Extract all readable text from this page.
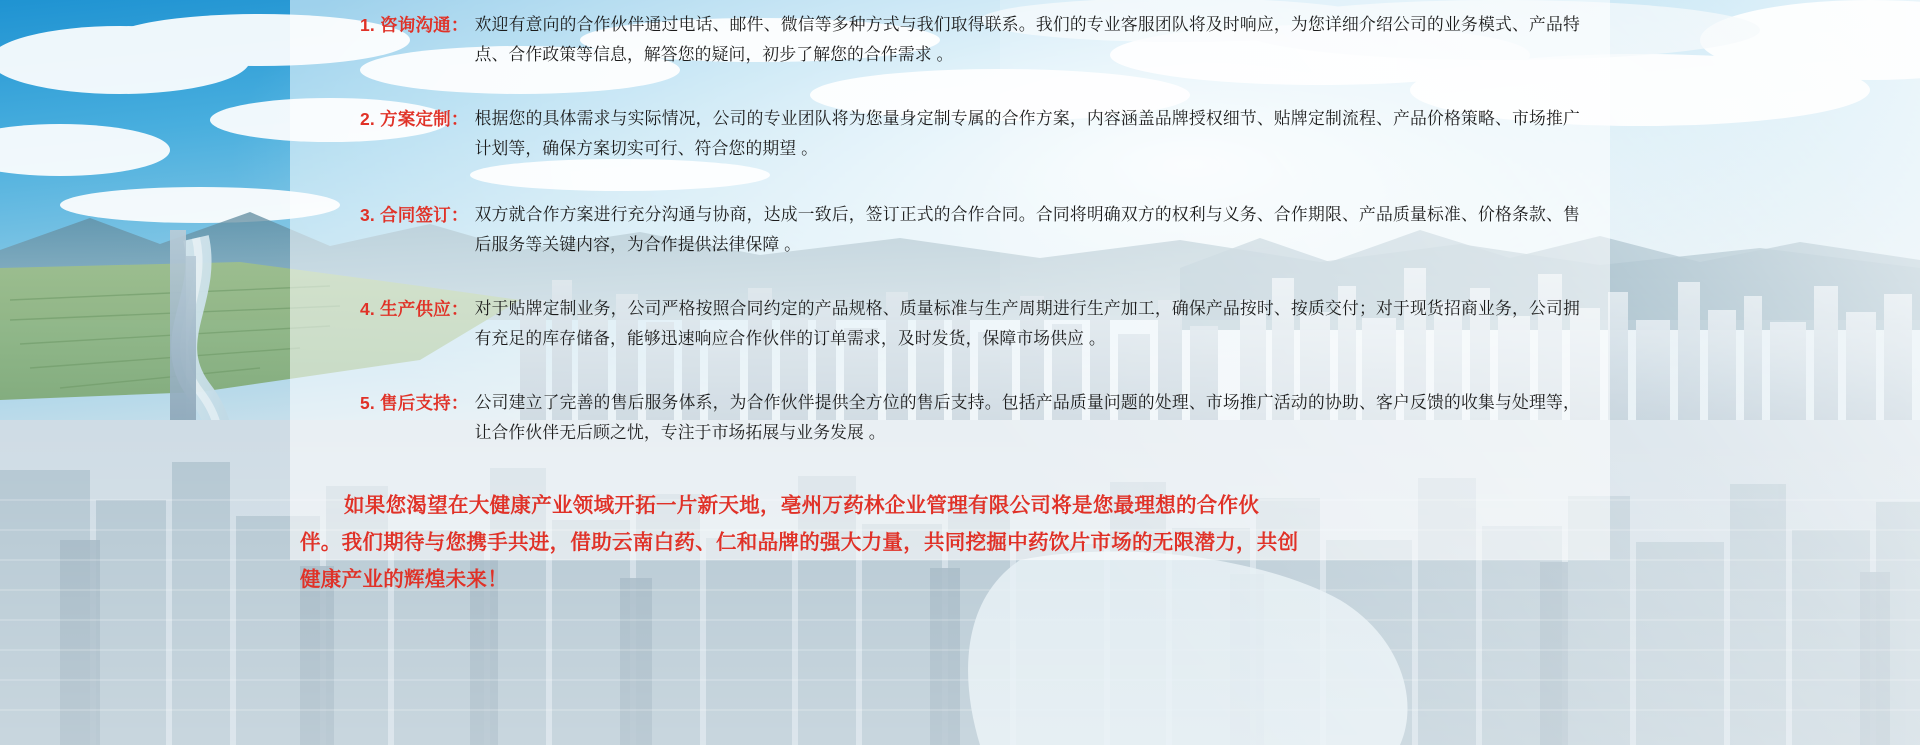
1. 咨询沟通： 欢迎有意向的合作伙伴通过电话、邮件、微信等多种方式与我们取得联系。我们的专业客服团队将及时响应，为您详细介绍公司的业务模式、产品特点、合作政策等信息，解答您的疑问，初步了解您的合作需求 。
2. 方案定制： 根据您的具体需求与实际情况，公司的专业团队将为您量身定制专属的合作方案，内容涵盖品牌授权细节、贴牌定制流程、产品价格策略、市场推广计划等，确保方案切实可行、符合您的期望 。
3. 合同签订： 双方就合作方案进行充分沟通与协商，达成一致后，签订正式的合作合同。合同将明确双方的权利与义务、合作期限、产品质量标准、价格条款、售后服务等关键内容，为合作提供法律保障 。
4. 生产供应： 对于贴牌定制业务，公司严格按照合同约定的产品规格、质量标准与生产周期进行生产加工，确保产品按时、按质交付；对于现货招商业务，公司拥有充足的库存储备，能够迅速响应合作伙伴的订单需求，及时发货，保障市场供应 。
5. 售后支持： 公司建立了完善的售后服务体系，为合作伙伴提供全方位的售后支持。包括产品质量问题的处理、市场推广活动的协助、客户反馈的收集与处理等，让合作伙伴无后顾之忧，专注于市场拓展与业务发展 。
如果您渴望在大健康产业领域开拓一片新天地，亳州万药林企业管理有限公司将是您最理想的合作伙伴。我们期待与您携手共进，借助云南白药、仁和品牌的强大力量，共同挖掘中药饮片市场的无限潜力，共创健康产业的辉煌未来！
